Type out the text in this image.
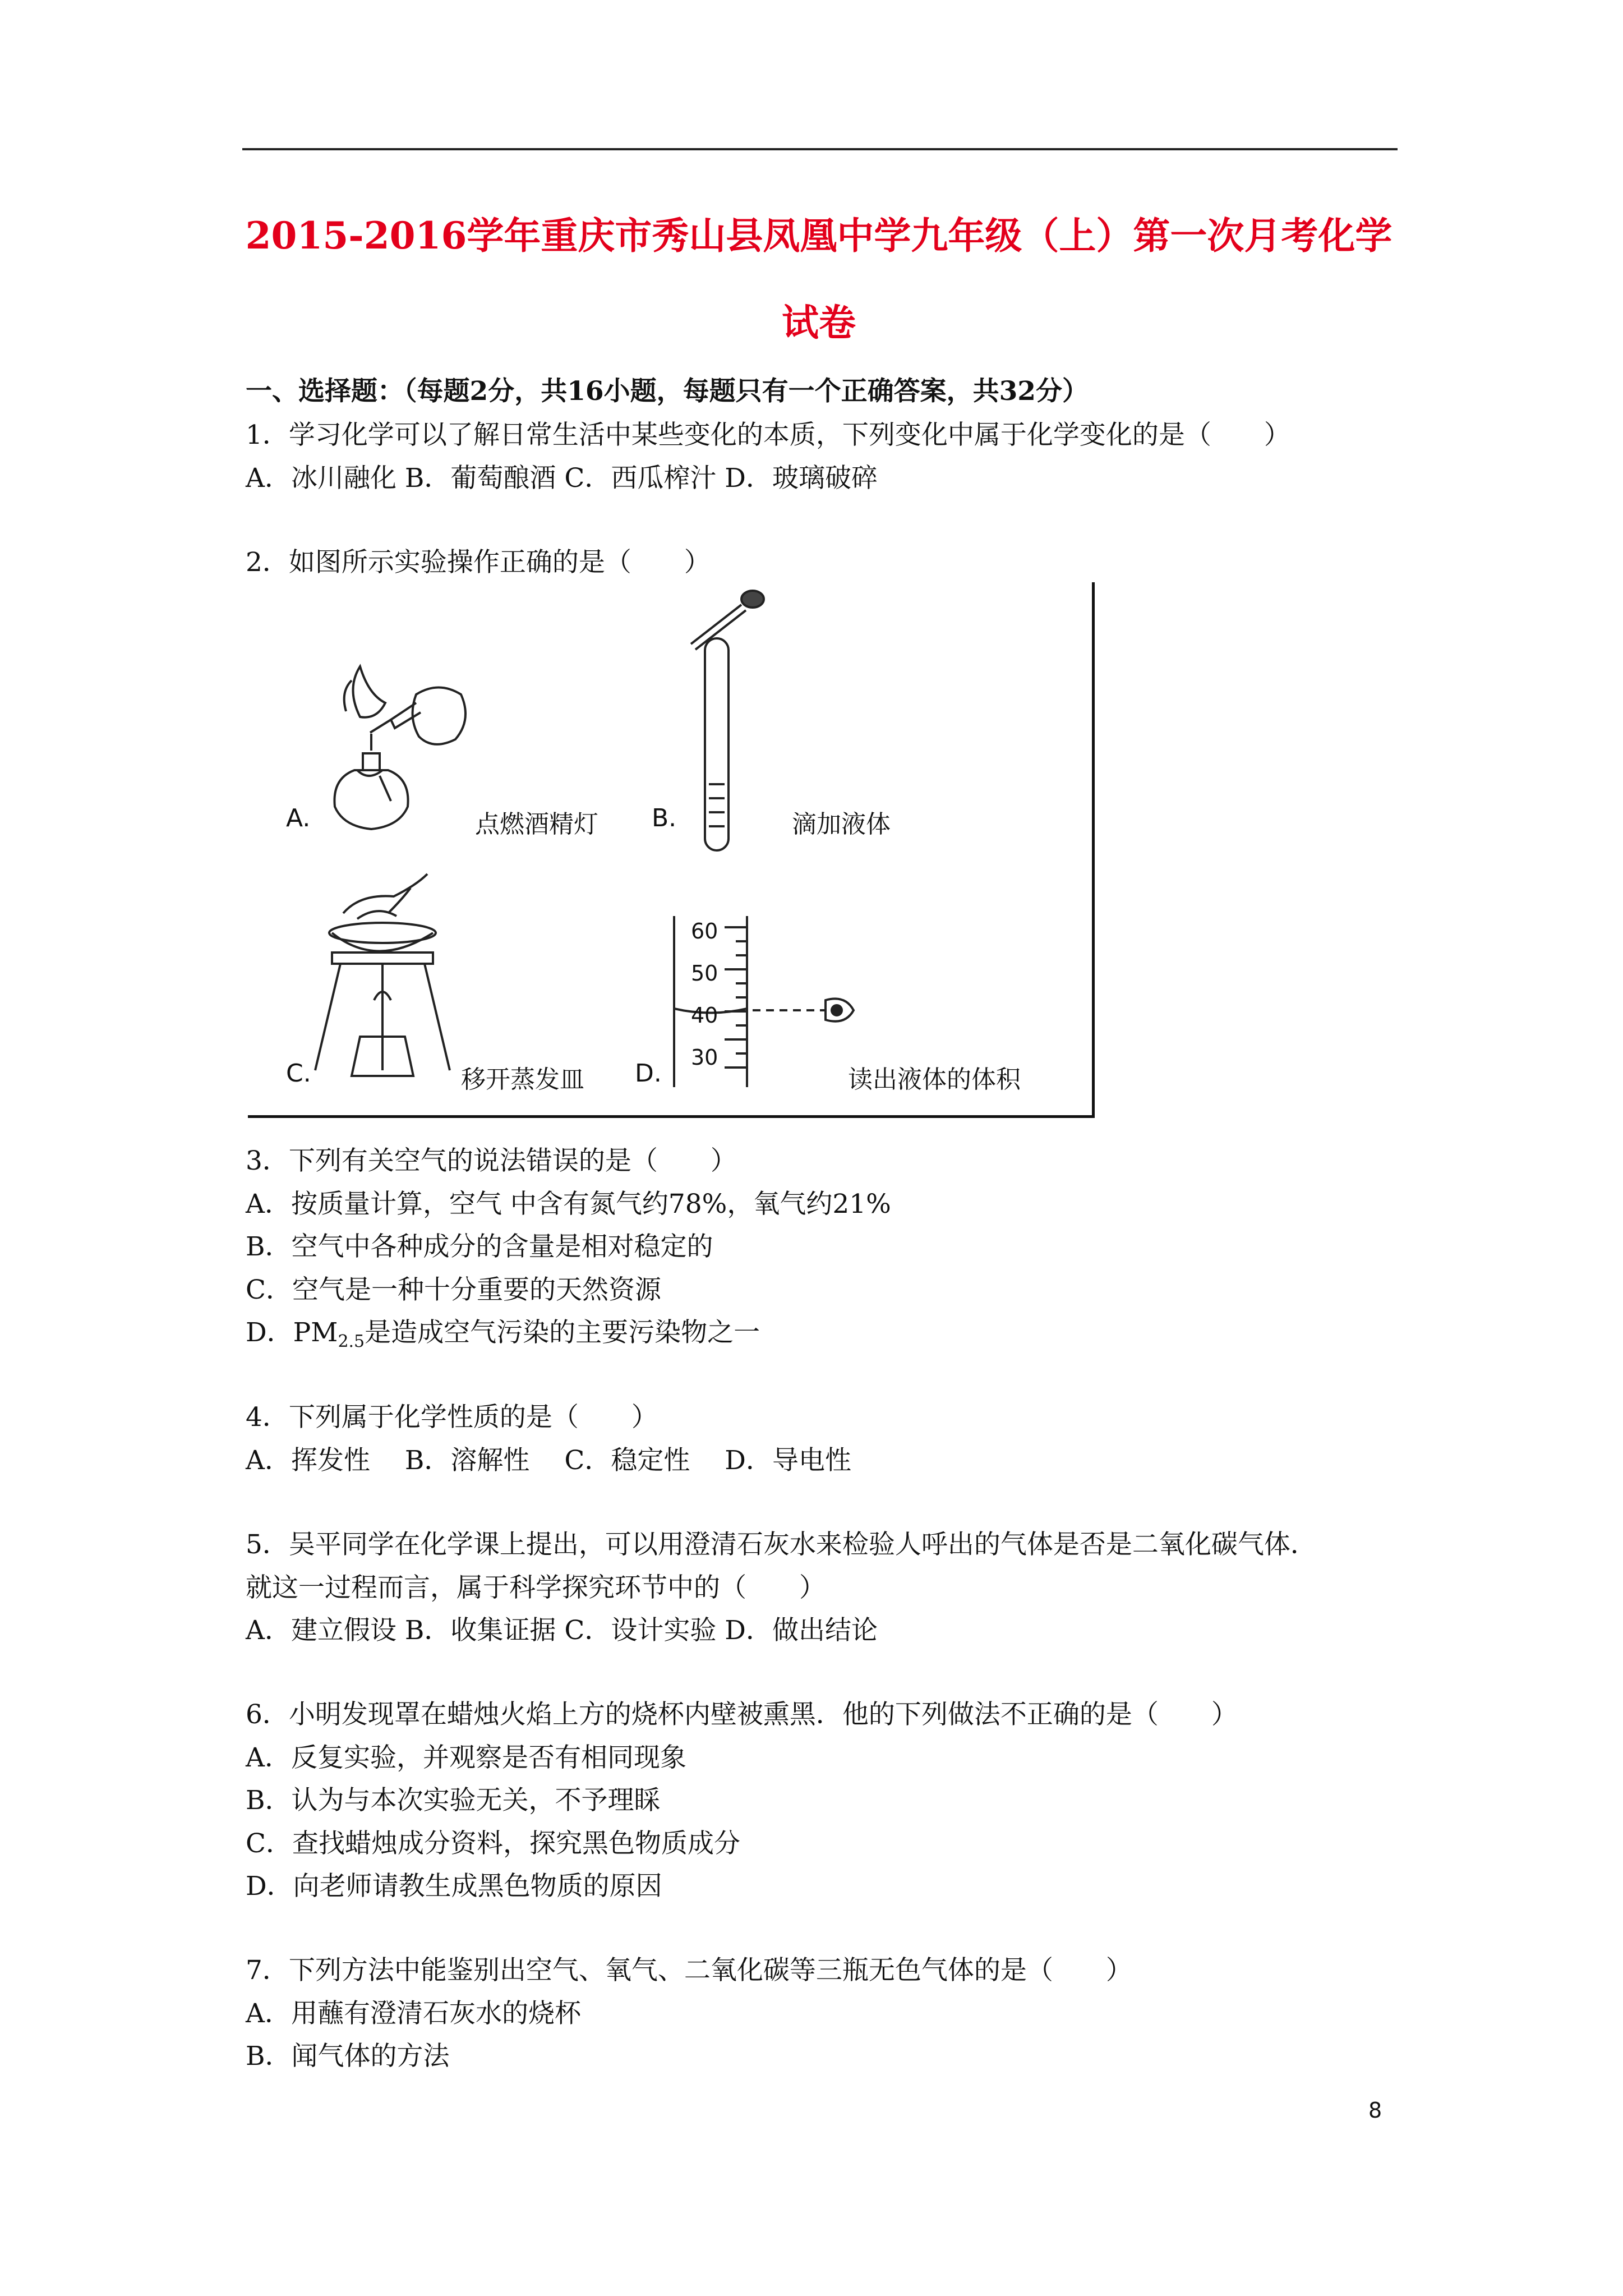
2015-2016学年重庆市秀山县凤凰中学九年级（上）第一次月考化学
试卷
一、选择题：（每题2分，共16小题，每题只有一个正确答案，共32分）
1．学习化学可以了解日常生活中某些变化的本质，下列变化中属于化学变化的是（　　）
A．冰川融化 B．葡萄酿酒 C．西瓜榨汁 D．玻璃破碎
2．如图所示实验操作正确的是（　　）
A.	点燃酒精灯 B.	滴加液体
C.	移开蒸发皿 D.	读出液体的体积
60
50
40
30
3．下列有关空气的说法错误的是（　　）
A．按质量计算，空气 中含有氮气约78%，氧气约21%
B．空气中各种成分的含量是相对稳定的
C．空气是一种十分重要的天然资源
D．$PM_{2.5}$是造成空气污染的主要污染物之一
4．下列属于化学性质的是（　　）
A．挥发性　 B．溶解性　 C．稳定性　 D．导电性
5．吴平同学在化学课上提出，可以用澄清石灰水来检验人呼出的气体是否是二氧化碳气体．
就这一过程而言，属于科学探究环节中的（　　）
A．建立假设 B．收集证据 C．设计实验 D．做出结论
6．小明发现罩在蜡烛火焰上方的烧杯内壁被熏黑．他的下列做法不正确的是（　　）
A．反复实验，并观察是否有相同现象
B．认为与本次实验无关，不予理睬
C．查找蜡烛成分资料，探究黑色物质成分
D．向老师请教生成黑色物质的原因
7．下列方法中能鉴别出空气、氧气、二氧化碳等三瓶无色气体的是（　　）
A．用蘸有澄清石灰水的烧杯
B．闻气体的方法
8
